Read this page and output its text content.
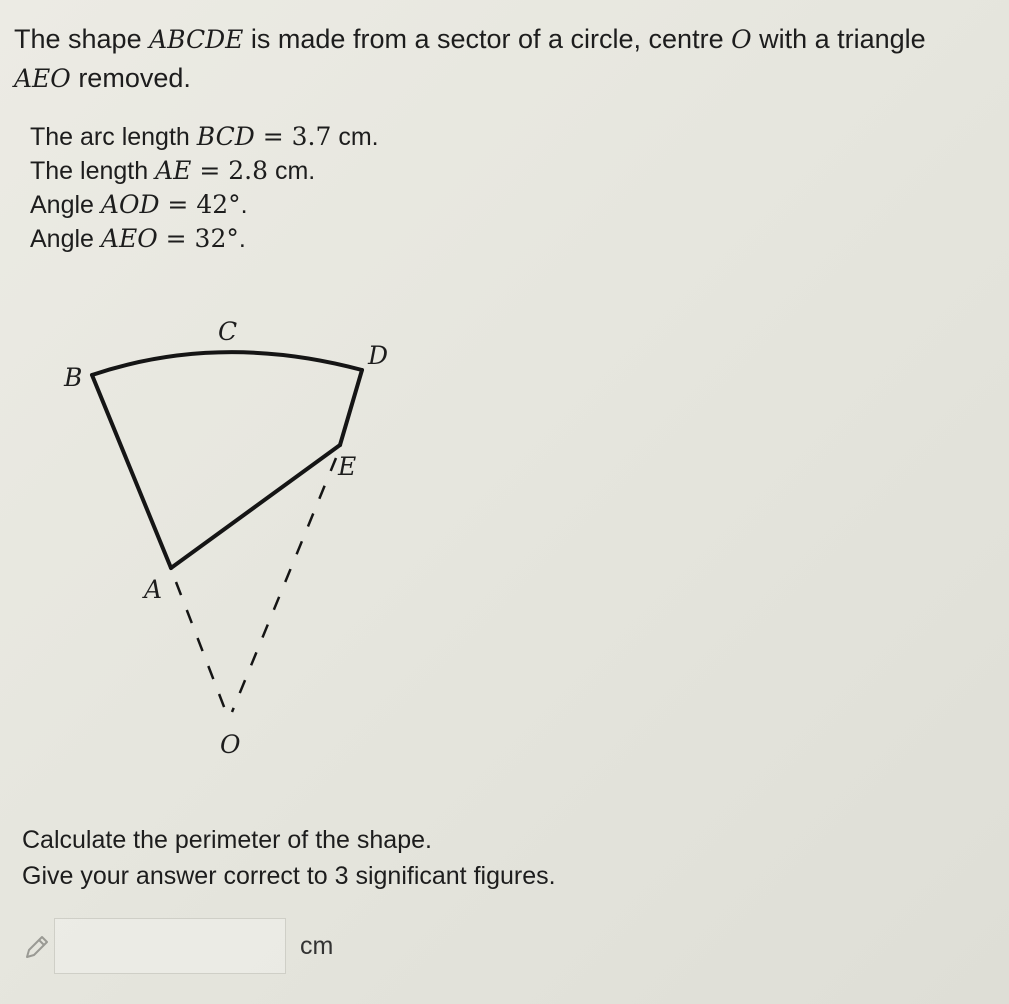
The shape ABCDE is made from a sector of a circle, centre O with a triangle AEO removed.
The arc length BCD = 3.7 cm.
The length AE = 2.8 cm.
Angle AOD = 42°.
Angle AEO = 32°.
B
C
D
E
A
O
Calculate the perimeter of the shape.
Give your answer correct to 3 significant figures.
cm
